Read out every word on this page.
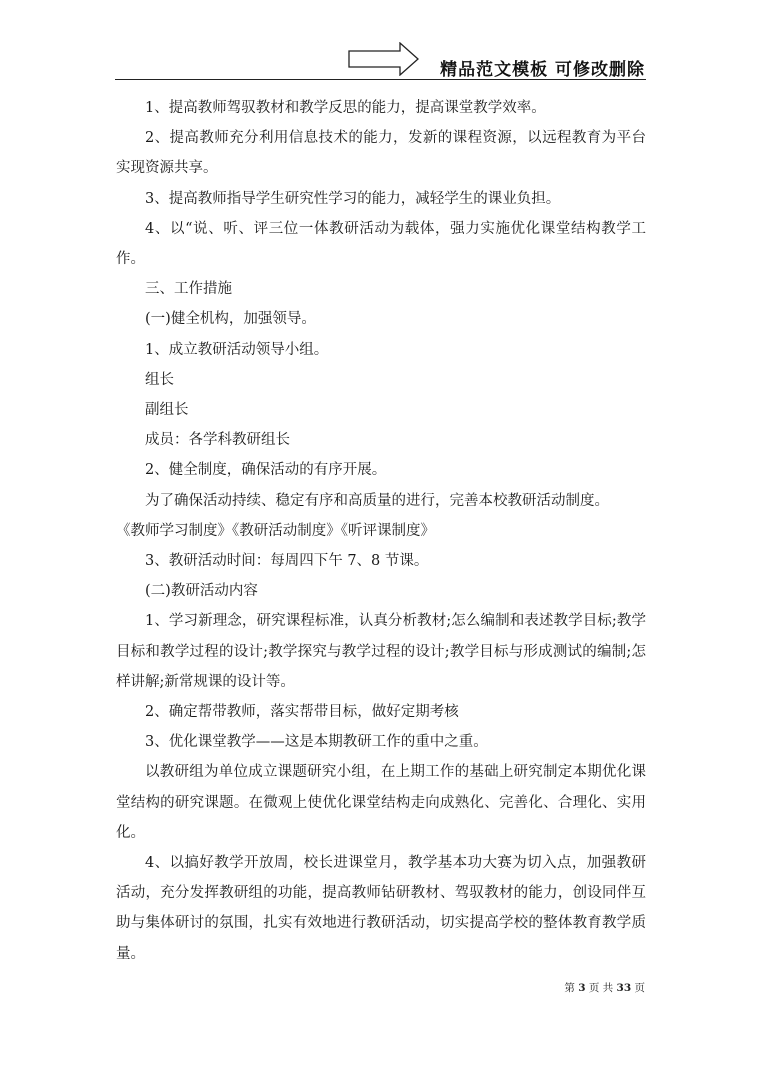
精品范文模板 可修改删除

1、提高教师驾驭教材和教学反思的能力，提高课堂教学效率。

2、提高教师充分利用信息技术的能力，发新的课程资源，以远程教育为平台实现资源共享。

3、提高教师指导学生研究性学习的能力，减轻学生的课业负担。

4、以“说、听、评三位一体教研活动为载体，强力实施优化课堂结构教学工作。

三、工作措施

(一)健全机构，加强领导。

1、成立教研活动领导小组。

组长

副组长

成员：各学科教研组长

2、健全制度，确保活动的有序开展。

为了确保活动持续、稳定有序和高质量的进行，完善本校教研活动制度。

《教师学习制度》《教研活动制度》《听评课制度》

3、教研活动时间：每周四下午 7、8 节课。

(二)教研活动内容

1、学习新理念，研究课程标准，认真分析教材;怎么编制和表述教学目标;教学目标和教学过程的设计;教学探究与教学过程的设计;教学目标与形成测试的编制;怎样讲解;新常规课的设计等。

2、确定帮带教师，落实帮带目标，做好定期考核

3、优化课堂教学——这是本期教研工作的重中之重。

以教研组为单位成立课题研究小组，在上期工作的基础上研究制定本期优化课堂结构的研究课题。在微观上使优化课堂结构走向成熟化、完善化、合理化、实用化。

4、以搞好教学开放周，校长进课堂月，教学基本功大赛为切入点，加强教研活动，充分发挥教研组的功能，提高教师钻研教材、驾驭教材的能力，创设同伴互助与集体研讨的氛围，扎实有效地进行教研活动，切实提高学校的整体教育教学质量。

第 3 页 共 33 页
